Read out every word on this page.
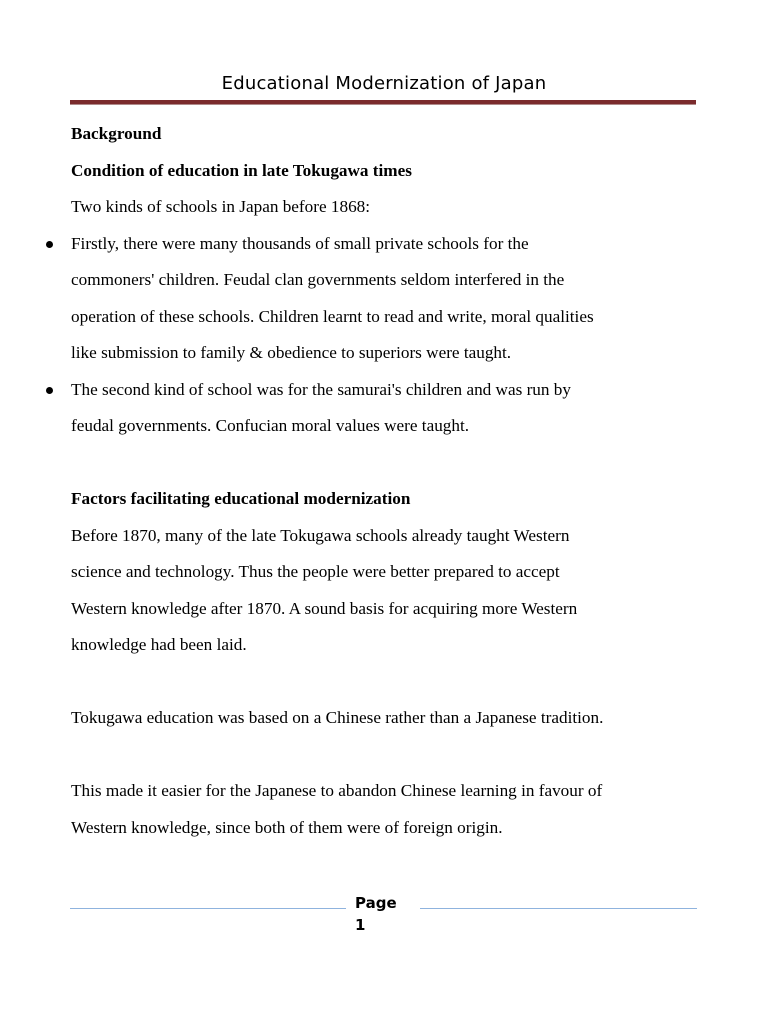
Educational Modernization of Japan
Background
Condition of education in late Tokugawa times
Two kinds of schools in Japan before 1868:
Firstly, there were many thousands of small private schools for the
commoners' children. Feudal clan governments seldom interfered in the
operation of these schools. Children learnt to read and write, moral qualities
like submission to family & obedience to superiors were taught.
The second kind of school was for the samurai's children and was run by
feudal governments. Confucian moral values were taught.
Factors facilitating educational modernization
Before 1870, many of the late Tokugawa schools already taught Western
science and technology. Thus the people were better prepared to accept
Western knowledge after 1870. A sound basis for acquiring more Western
knowledge had been laid.
Tokugawa education was based on a Chinese rather than a Japanese tradition.
This made it easier for the Japanese to abandon Chinese learning in favour of
Western knowledge, since both of them were of foreign origin.
Page
1
